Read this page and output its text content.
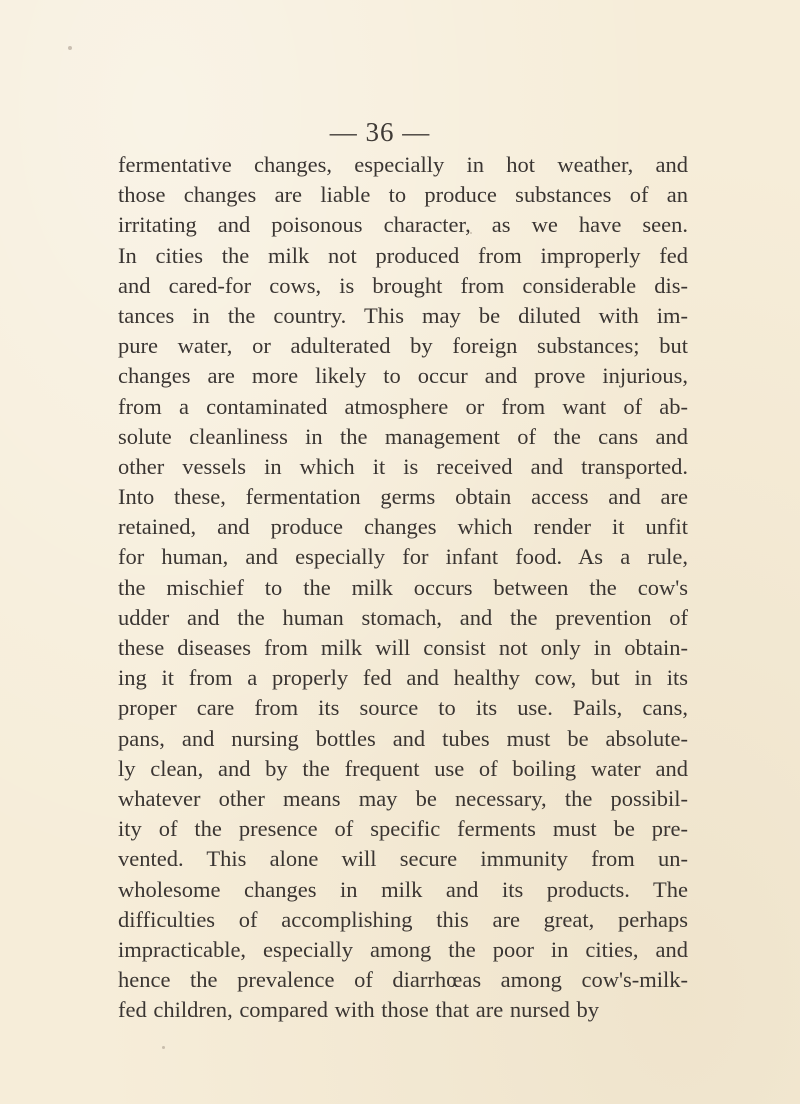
— 36 —
fermentative changes, especially in hot weather, and
those changes are liable to produce substances of an
irritating and poisonous character, as we have seen.
In cities the milk not produced from improperly fed
and cared-for cows, is brought from considerable dis-
tances in the country. This may be diluted with im-
pure water, or adulterated by foreign substances; but
changes are more likely to occur and prove injurious,
from a contaminated atmosphere or from want of ab-
solute cleanliness in the management of the cans and
other vessels in which it is received and transported.
Into these, fermentation germs obtain access and are
retained, and produce changes which render it unfit
for human, and especially for infant food. As a rule,
the mischief to the milk occurs between the cow's
udder and the human stomach, and the prevention of
these diseases from milk will consist not only in obtain-
ing it from a properly fed and healthy cow, but in its
proper care from its source to its use. Pails, cans,
pans, and nursing bottles and tubes must be absolute-
ly clean, and by the frequent use of boiling water and
whatever other means may be necessary, the possibil-
ity of the presence of specific ferments must be pre-
vented. This alone will secure immunity from un-
wholesome changes in milk and its products. The
difficulties of accomplishing this are great, perhaps
impracticable, especially among the poor in cities, and
hence the prevalence of diarrhœas among cow's-milk-
fed children, compared with those that are nursed by
